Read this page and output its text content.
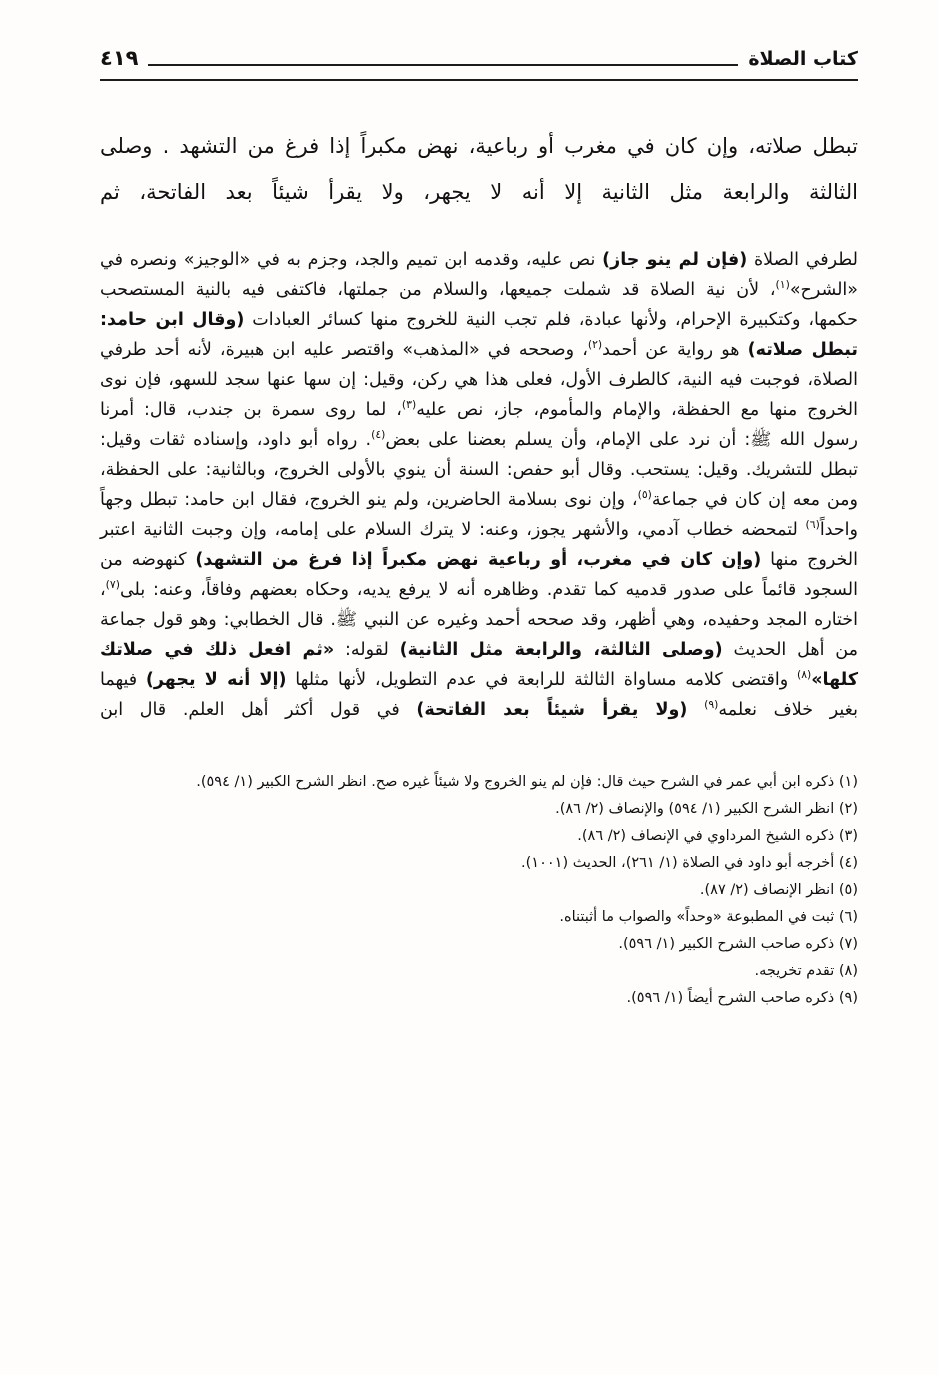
كتاب الصلاة
٤١٩

تبطل صلاته، وإن كان في مغرب أو رباعية، نهض مكبراً إذا فرغ من التشهد . وصلى الثالثة والرابعة مثل الثانية إلا أنه لا يجهر، ولا يقرأ شيئاً بعد الفاتحة، ثم

لطرفي الصلاة (فإن لم ينو جاز) نص عليه، وقدمه ابن تميم والجد، وجزم به في «الوجيز» ونصره في «الشرح»$^{(١)}$، لأن نية الصلاة قد شملت جميعها، والسلام من جملتها، فاكتفى فيه بالنية المستصحب حكمها، وكتكبيرة الإحرام، ولأنها عبادة، فلم تجب النية للخروج منها كسائر العبادات (وقال ابن حامد: تبطل صلاته) هو رواية عن أحمد$^{(٢)}$، وصححه في «المذهب» واقتصر عليه ابن هبيرة، لأنه أحد طرفي الصلاة، فوجبت فيه النية، كالطرف الأول، فعلى هذا هي ركن، وقيل: إن سها عنها سجد للسهو، فإن نوى الخروج منها مع الحفظة، والإمام والمأموم، جاز، نص عليه$^{(٣)}$، لما روى سمرة بن جندب، قال: أمرنا رسول الله ﷺ: أن نرد على الإمام، وأن يسلم بعضنا على بعض$^{(٤)}$. رواه أبو داود، وإسناده ثقات وقيل: تبطل للتشريك. وقيل: يستحب. وقال أبو حفص: السنة أن ينوي بالأولى الخروج، وبالثانية: على الحفظة، ومن معه إن كان في جماعة$^{(٥)}$، وإن نوى بسلامة الحاضرين، ولم ينو الخروج، فقال ابن حامد: تبطل وجهاً واحداً$^{(٦)}$ لتمحضه خطاب آدمي، والأشهر يجوز، وعنه: لا يترك السلام على إمامه، وإن وجبت الثانية اعتبر الخروج منها (وإن كان في مغرب، أو رباعية نهض مكبراً إذا فرغ من التشهد) كنهوضه من السجود قائماً على صدور قدميه كما تقدم. وظاهره أنه لا يرفع يديه، وحكاه بعضهم وفاقاً، وعنه: بلى$^{(٧)}$، اختاره المجد وحفيده، وهي أظهر، وقد صححه أحمد وغيره عن النبي ﷺ. قال الخطابي: وهو قول جماعة من أهل الحديث (وصلى الثالثة، والرابعة مثل الثانية) لقوله: «ثم افعل ذلك في صلاتك كلها»$^{(٨)}$ واقتضى كلامه مساواة الثالثة للرابعة في عدم التطويل، لأنها مثلها (إلا أنه لا يجهر) فيهما بغير خلاف نعلمه$^{(٩)}$ (ولا يقرأ شيئاً بعد الفاتحة) في قول أكثر أهل العلم. قال ابن

(١) ذكره ابن أبي عمر في الشرح حيث قال: فإن لم ينو الخروج ولا شيئاً غيره صح. انظر الشرح الكبير (١/ ٥٩٤).
(٢) انظر الشرح الكبير (١/ ٥٩٤) والإنصاف (٢/ ٨٦).
(٣) ذكره الشيخ المرداوي في الإنصاف (٢/ ٨٦).
(٤) أخرجه أبو داود في الصلاة (١/ ٢٦١)، الحديث (١٠٠١).
(٥) انظر الإنصاف (٢/ ٨٧).
(٦) ثبت في المطبوعة «وحداً» والصواب ما أثبتناه.
(٧) ذكره صاحب الشرح الكبير (١/ ٥٩٦).
(٨) تقدم تخريجه.
(٩) ذكره صاحب الشرح أيضاً (١/ ٥٩٦).
